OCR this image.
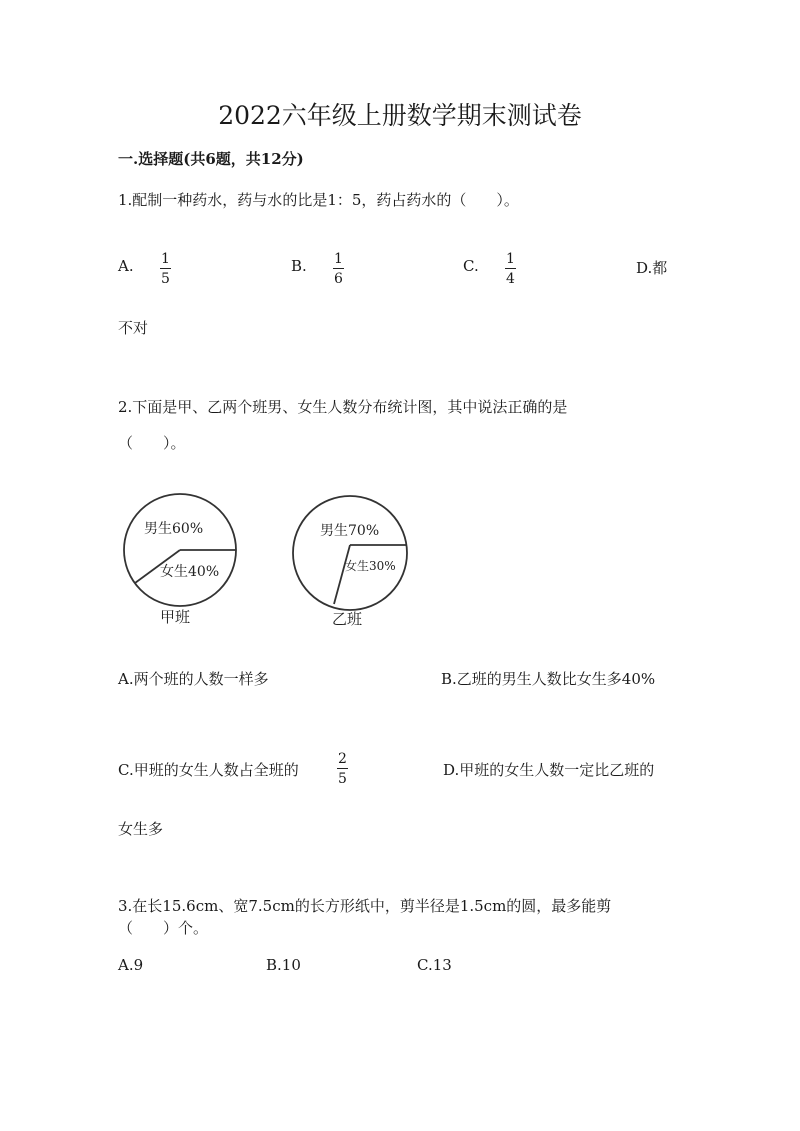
2022六年级上册数学期末测试卷
一.选择题(共6题，共12分)
1.配制一种药水，药与水的比是1：5，药占药水的（　　）。
A. 1
5
B. 1
6
C. 1
4
D.都
不对
2.下面是甲、乙两个班男、女生人数分布统计图，其中说法正确的是
（　　）。
男生60%
女生40%
甲班
男生70%
女生30%
乙班
A.两个班的人数一样多	B.乙班的男生人数比女生多40%
C.甲班的女生人数占全班的
2
5	D.甲班的女生人数一定比乙班的
女生多
3.在长15.6cm、宽7.5cm的长方形纸中，剪半径是1.5cm的圆，最多能剪
（　　）个。
A.9	B.10	C.13
